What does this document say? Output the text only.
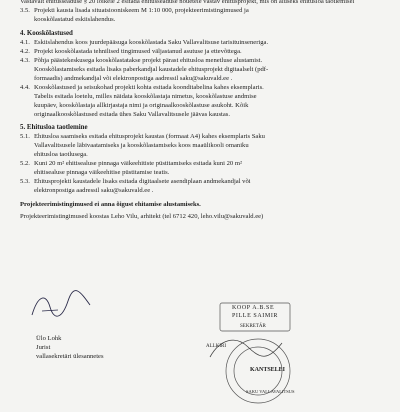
Vastavalt ehitusseaduse § 20 lõikele 2 esitada ehitusseaduse nõuetele vastav ehitusprojekt, mis on aluseks ehitusloa taotlemisel
3.5. Projekti kausta lisada situatsiooniskeem M 1:10 000, projekteerimistingimused ja
kooskõlastatud eskiislahendus.
4. Kooskõlastused
4.1. Eskiislahendus koos juurdepääsuga kooskõlastada Saku Vallavalitsuse tarisituinseneriga.
4.2. Projekt kooskõlastada tehnilised tingimused väljastanud asutuse ja ettevõttega.
4.3. Põhja päästekeskusega kooskõlastatakse projekt pärast ehitusloa menetluse alustamist.
Kooskõlastamiseks esitada lisaks paberkandjal kaustadele ehitusprojekt digitaalselt (pdf-
formaadis) andmekandjal või elektronpostiga aadressil saku@sakuvald.ee .
4.4. Kooskõlastused ja seisukohad projekti kohta esitada koonditabelina kahes eksemplaris.
Tabelis esitada loetelu, milles näidata kooskõlastaja nimetus, kooskõlastuse andmise
kuupäev, kooskõlastaja allkirjastaja nimi ja originaalkooskõlastuse asukoht. Kõik
originaalkooskõlastused esitada ühes Saku Vallavalitsusele jäävas kaustas.
5. Ehitusloa taotlemine
5.1. Ehitusloa saamiseks esitada ehitusprojekt kaustas (formaat A4) kahes eksemplaris Saku
Vallavalitsusele läbivaatamiseks ja kooskõlastamiseks koos maaülikooli omaniku
ehitusloa taotlusega.
5.2. Kuni 20 m² ehitisealuse pinnaga väikeehitiste püstitamiseks esitada kuni 20 m²
ehitisealuse pinnaga väikeehitise püstitamise teatis.
5.3. Ehitusprojekti kaustadele lisaks esitada digitaalsete asendiplaan andmekandjal või
elektronpostiga aadressil saku@sakuvald.ee .
Projekteerimistingimused ei anna õigust ehitamise alustamiseks.
Projekteerimistingimused koostas Leho Vilu, arhitekt (tel 6712 420, leho.vilu@sakuvald.ee)
Ülo Lohk
Jurist
vallasekretäri ülesannetes
KOOP A.B.SE
PILLE SAIMIR
SEKRETÄR
ALLKIRI
KANTSELEI
SAKU VALLAVALITSUS
